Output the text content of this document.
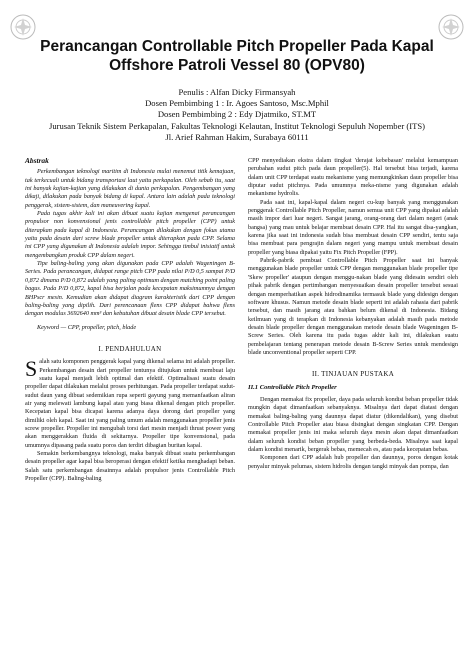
Perancangan Controllable Pitch Propeller Pada Kapal Offshore Patroli Vessel 80 (OPV80)
Penulis : Alfan Dicky Firmansyah
Dosen Pembimbing 1 : Ir. Agoes Santoso, Msc.Mphil
Dosen Pembimbing 2 : Edy Djatmiko, ST.MT
Jurusan Teknik Sistem Perkapalan, Fakultas Teknologi Kelautan, Institut Teknologi Sepuluh Nopember (ITS)
Jl. Arief Rahman Hakim, Surabaya 60111
Abstrak

Perkembangan teknologi maritim di Indonesia mulai menemui titik kemajuan, tak terkecuali untuk bidang transportasi laut yaitu perkapalan. Oleh sebab itu, saat ini banyak kajian-kajian yang dilakukan di dunia perkapalan. Pengembangan yang dikaji, dilakukan pada banyak bidang di kapal. Antara lain adalah pada teknologi penggerak, sistem-sistem, dan maneuvering kapal.

Pada tugas akhir kali ini akan dibuat suatu kajian mengenai perancangan propulsor non konvensional jenis controllable pitch propeller (CPP) untuk diterapkan pada kapal di Indonesia. Perancangan dilakukan dengan fokus utama yaitu pada desain dari screw blade propeller untuk diterapkan pada CPP. Selama ini CPP yang digunakan di Indonesia adalah impor. Sehingga timbul inisiatif untuk mengembangkan produk CPP dalam negeri.

Tipe baling-baling yang akan digunakan pada CPP adalah Wageningen B-Series. Pada perancangan, didapat range pitch CPP pada nilai P/D 0,5 sampai P/D 0,872 dimana P/D 0,872 adalah yang paling optimum dengan matching point paling bagus. Pada P/D 0,872, kapal bisa berjalan pada kecepatan maksimumnya dengan BHPscr mesin. Kemudian akan didapat diagram karakteristik dari CPP dengan baling-baling yang dipilih. Dari perencanaan flens CPP didapat bahwa flens dengan modulus 3692640 mm³ dan kebutuhan dibuat desain blade CPP tersebut.

Keyword — CPP, propeller, pitch, blade

I. PENDAHULUAN

Salah satu komponen penggerak kapal yang dikenal selama ini adalah propeller. Perkembangan desain dari propeller tentunya ditujukan untuk membuat laju suatu kapal menjadi lebih optimal dan efektif. Optimalisasi suatu desain propeller dapat dilakukan melalui proses perhitungan. Pada propeller terdapat sudut-sudut daun yang dibuat sedemikian rupa seperti gayung yang memanfaatkan aliran air yang melewati lambung kapal atau yang biasa dikenal dengan pitch propeller. Kecepatan kapal bisa dicapai karena adanya daya dorong dari propeller yang dimiliki oleh kapal. Saat ini yang paling umum adalah menggunakan propeller jenis screw propeller. Propeller ini mengubah torsi dari mesin menjadi thrust power yang akan menggerakkan fluida di sekitarnya. Propeller tipe konvensional, pada umumnya dipasang pada suatu poros dan terdiri dibagian buritan kapal.

Semakin berkembangnya teknologi, maka banyak dibuat suatu perkembangan desain propeller agar kapal bisa beroperasi dengan efektif ketika menghadapi beban. Salah satu perkembangan desainnya adalah propulsor jenis Controllable Pitch Propeller (CPP). Baling-baling

CPP menyediakan ekstra dalam tingkat 'derajat kebebasan' melalui kemampuan perubahan sudut pitch pada daun propeller(5). Hal tersebut bisa terjadi, karena dalam unit CPP terdapat suatu mekanisme yang memungkinkan daun propeller bisa diputar sudut pitchnya. Pada umumnya meka-nisme yang digunakan adalah mekanisme hydrolis.

Pada saat ini, kapal-kapal dalam negeri cu-kup banyak yang menggunakan penggerak Controllable Pitch Propeller, namun semua unit CPP yang dipakai adalah masih impor dari luar negeri. Sangat jarang, orang-orang dari dalam negeri (anak bangsa) yang mau untuk belajar membuat desain CPP. Hal itu sangat disa-yangkan, karena jika saat ini indonesia sudah bisa membuat desain CPP sendiri, tentu saja bisa membuat para pengrajin dalam negeri yang mampu untuk membuat desain propeller yang biasa dipakai yaitu Fix Pitch Propeller (FPP).

Pabrik-pabrik pembuat Controllable Pitch Propeller saat ini banyak menggunakan blade propeller untuk CPP dengan menggunakan blade propeller tipe 'Skew propeller' ataupun dengan menggu-nakan blade yang didesain sendiri oleh pihak pabrik dengan pertimbangan menyesuaikan desain propeller tersebut sesuai dengan memperhatikan aspek hidrodinamika termasuk blade yang didesign dengan software khusus. Namun metode desain blade seperti ini adalah rahasia dari pabrik tersebut, dan masih jarang atau bahkan belum dikenal di Indonesia. Bidang keilmuan yang di terapkan di Indonesia kebanyakan adalah masih pada metode desain blade propeller dengan menggunakan metode desain blade Wageningen B-Screw Series. Oleh karena itu pada tugas akhir kali ini, dilakukan suatu pembelajaran tentang penerapan metode desain B-Screw Series untuk mendesign blade unconventional propeller seperti CPP.

II. TINJAUAN PUSTAKA
II.1 Controllable Pitch Propeller

Dengan memakai fix propeller, daya pada seluruh kondisi beban propeller tidak mungkin dapat dimanfaatkan sebanyaknya. Misalnya dari dapat diatasi dengan memakai baling-baling yang daunnya dapat diatur (dikendalikan), yang disebut Controllable Pitch Propeller atau biasa disingkat dengan singkatan CPP. Dengan memakai propeller jenis ini maka seluruh daya mesin akan dapat dimanfaatkan dalam seluruh kondisi beban propeller yang berbeda-beda. Misalnya saat kapal dalam kondisi menarik, bergerak bebas, memecah es, atau pada kecepatan bebas.

Komponen dari CPP adalah hub propeller dan daunnya, poros dengan kotak penyalur minyak pelumas, sistem hidrolis dengan tangki minyak dan pompa, dan
